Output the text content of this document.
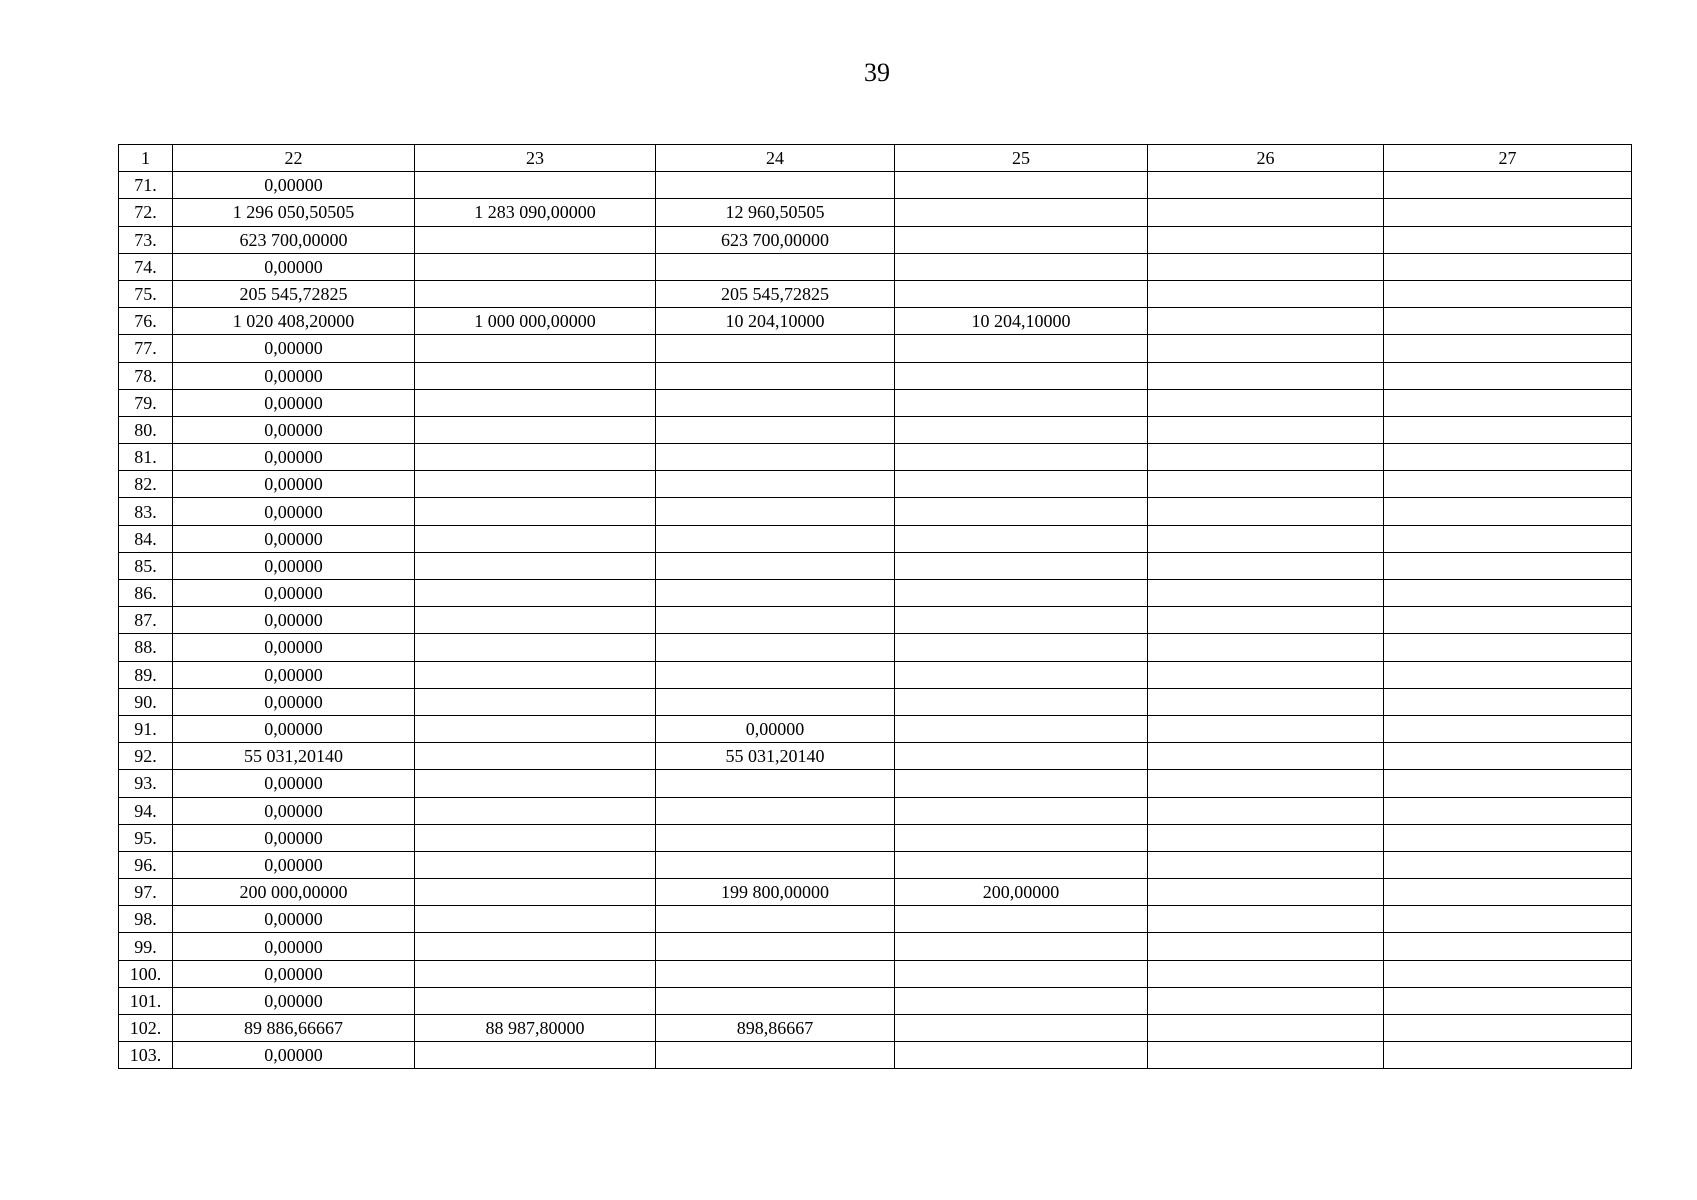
39
1	22	23	24	25	26	27
71.	0,00000					
72.	1 296 050,50505	1 283 090,00000	12 960,50505			
73.	623 700,00000		623 700,00000			
74.	0,00000					
75.	205 545,72825		205 545,72825			
76.	1 020 408,20000	1 000 000,00000	10 204,10000	10 204,10000		
77.	0,00000					
78.	0,00000					
79.	0,00000					
80.	0,00000					
81.	0,00000					
82.	0,00000					
83.	0,00000					
84.	0,00000					
85.	0,00000					
86.	0,00000					
87.	0,00000					
88.	0,00000					
89.	0,00000					
90.	0,00000					
91.	0,00000		0,00000			
92.	55 031,20140		55 031,20140			
93.	0,00000					
94.	0,00000					
95.	0,00000					
96.	0,00000					
97.	200 000,00000		199 800,00000	200,00000		
98.	0,00000					
99.	0,00000					
100.	0,00000					
101.	0,00000					
102.	89 886,66667	88 987,80000	898,86667			
103.	0,00000					
